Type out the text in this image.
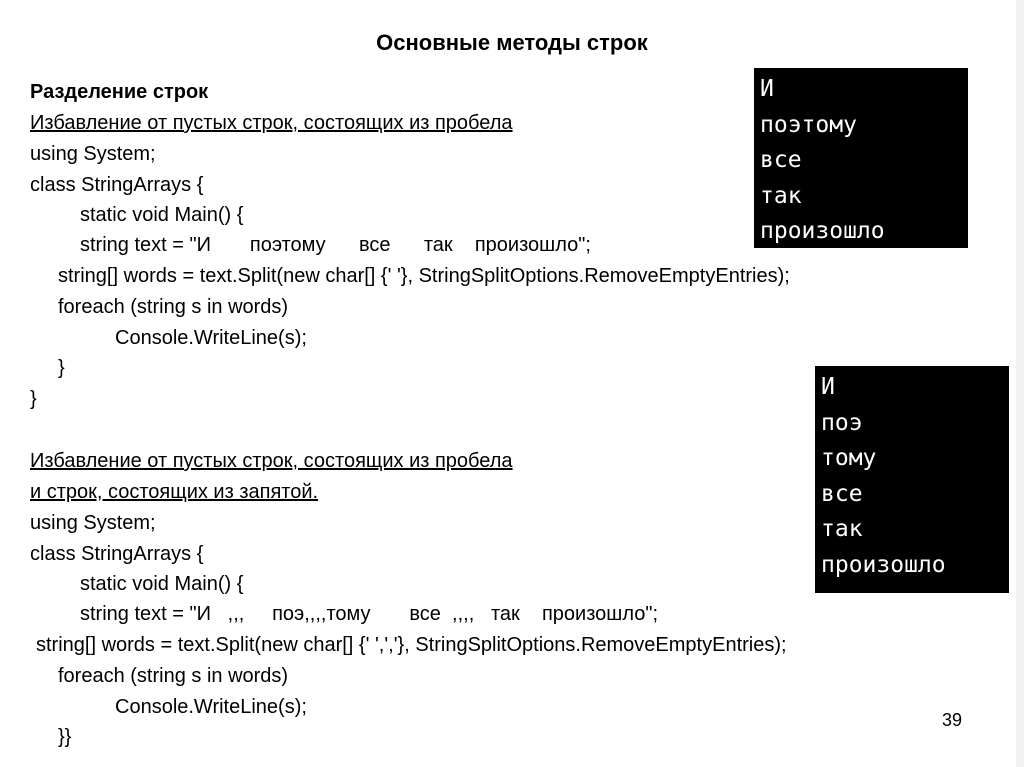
Основные методы строк
Разделение строк
Избавление от пустых строк, состоящих из пробела
using System;
class StringArrays {
static void Main() {
string text = "И       поэтому      все      так    произошло";
string[] words = text.Split(new char[] {' '}, StringSplitOptions.RemoveEmptyEntries);
foreach (string s in words)
Console.WriteLine(s);
}
}
И
поэтому
все
так
произошло
Избавление от пустых строк, состоящих из пробела
и строк, состоящих из запятой.
using System;
class StringArrays {
static void Main() {
string text = "И   ,,,     поэ,,,,тому       все  ,,,,   так    произошло";
string[] words = text.Split(new char[] {' ',','}, StringSplitOptions.RemoveEmptyEntries);
foreach (string s in words)
Console.WriteLine(s);
}}
И
поэ
тому
все
так
произошло
39
